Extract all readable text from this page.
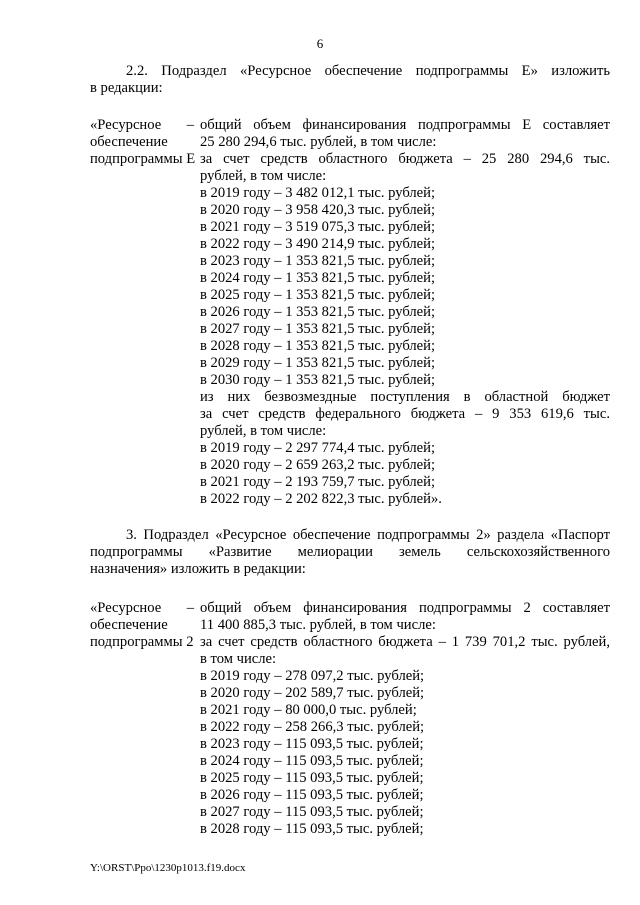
6
2.2. Подраздел «Ресурсное обеспечение подпрограммы Е» изложить
в редакции:
«Ресурсное –
обеспечение
подпрограммы Е
общий объем финансирования подпрограммы Е составляет
25 280 294,6 тыс. рублей, в том числе:
за счет средств областного бюджета – 25 280 294,6 тыс.
рублей, в том числе:
в 2019 году – 3 482 012,1 тыс. рублей;
в 2020 году – 3 958 420,3 тыс. рублей;
в 2021 году – 3 519 075,3 тыс. рублей;
в 2022 году – 3 490 214,9 тыс. рублей;
в 2023 году – 1 353 821,5 тыс. рублей;
в 2024 году – 1 353 821,5 тыс. рублей;
в 2025 году – 1 353 821,5 тыс. рублей;
в 2026 году – 1 353 821,5 тыс. рублей;
в 2027 году – 1 353 821,5 тыс. рублей;
в 2028 году – 1 353 821,5 тыс. рублей;
в 2029 году – 1 353 821,5 тыс. рублей;
в 2030 году – 1 353 821,5 тыс. рублей;
из них безвозмездные поступления в областной бюджет
за счет средств федерального бюджета – 9 353 619,6 тыс.
рублей, в том числе:
в 2019 году – 2 297 774,4 тыс. рублей;
в 2020 году – 2 659 263,2 тыс. рублей;
в 2021 году – 2 193 759,7 тыс. рублей;
в 2022 году – 2 202 822,3 тыс. рублей».
3. Подраздел «Ресурсное обеспечение подпрограммы 2» раздела «Паспорт
подпрограммы «Развитие мелиорации земель сельскохозяйственного
назначения» изложить в редакции:
«Ресурсное –
обеспечение
подпрограммы 2
общий объем финансирования подпрограммы 2 составляет
11 400 885,3 тыс. рублей, в том числе:
за счет средств областного бюджета – 1 739 701,2 тыс. рублей,
в том числе:
в 2019 году – 278 097,2 тыс. рублей;
в 2020 году – 202 589,7 тыс. рублей;
в 2021 году – 80 000,0 тыс. рублей;
в 2022 году – 258 266,3 тыс. рублей;
в 2023 году – 115 093,5 тыс. рублей;
в 2024 году – 115 093,5 тыс. рублей;
в 2025 году – 115 093,5 тыс. рублей;
в 2026 году – 115 093,5 тыс. рублей;
в 2027 году – 115 093,5 тыс. рублей;
в 2028 году – 115 093,5 тыс. рублей;
Y:\ORST\Ppo\1230p1013.f19.docx
